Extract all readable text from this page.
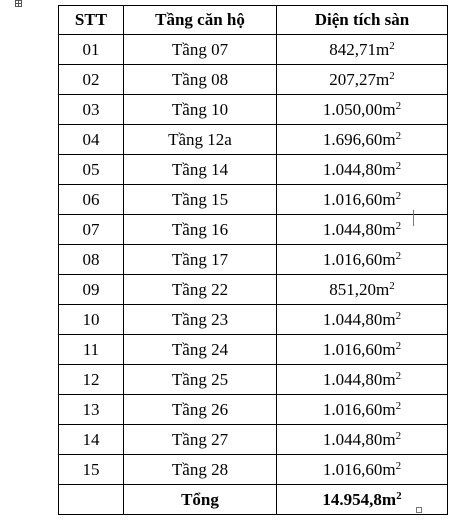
STT	Tầng căn hộ	Diện tích sàn
01	Tầng 07	$842,71m^2$
02	Tầng 08	$207,27m^2$
03	Tầng 10	$1.050,00m^2$
04	Tầng 12a	$1.696,60m^2$
05	Tầng 14	$1.044,80m^2$
06	Tầng 15	$1.016,60m^2$
07	Tầng 16	$1.044,80m^2$
08	Tầng 17	$1.016,60m^2$
09	Tầng 22	$851,20m^2$
10	Tầng 23	$1.044,80m^2$
11	Tầng 24	$1.016,60m^2$
12	Tầng 25	$1.044,80m^2$
13	Tầng 26	$1.016,60m^2$
14	Tầng 27	$1.044,80m^2$
15	Tầng 28	$1.016,60m^2$
	Tổng	$14.954,8m^2$
